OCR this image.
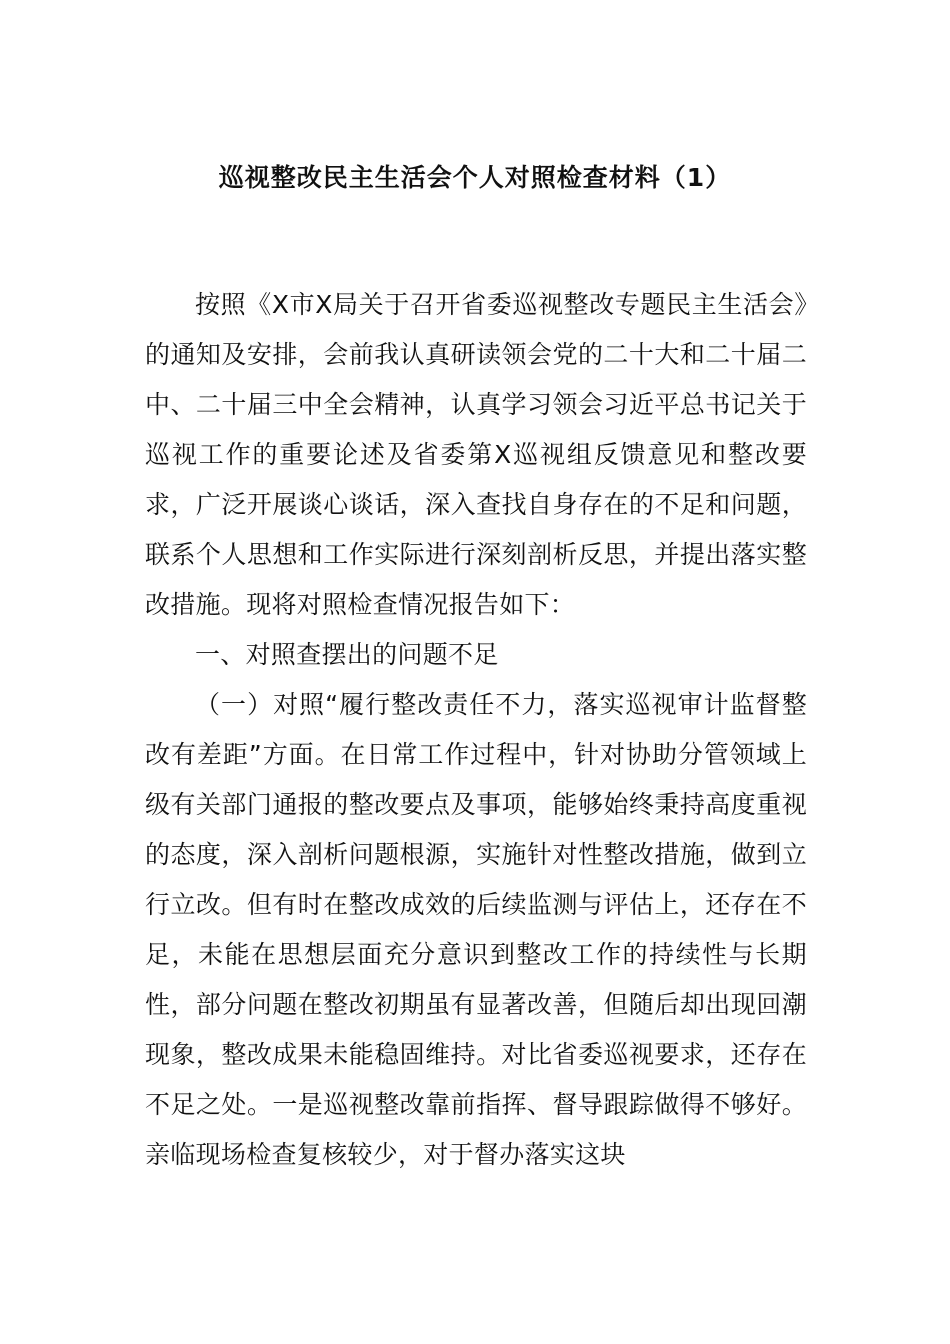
巡视整改民主生活会个人对照检查材料（1）

按照《X市X局关于召开省委巡视整改专题民主生活会》的通知及安排，会前我认真研读领会党的二十大和二十届二中、二十届三中全会精神，认真学习领会习近平总书记关于巡视工作的重要论述及省委第X巡视组反馈意见和整改要求，广泛开展谈心谈话，深入查找自身存在的不足和问题，联系个人思想和工作实际进行深刻剖析反思，并提出落实整改措施。现将对照检查情况报告如下：

一、对照查摆出的问题不足

（一）对照“履行整改责任不力，落实巡视审计监督整改有差距”方面。在日常工作过程中，针对协助分管领域上级有关部门通报的整改要点及事项，能够始终秉持高度重视的态度，深入剖析问题根源，实施针对性整改措施，做到立行立改。但有时在整改成效的后续监测与评估上，还存在不足，未能在思想层面充分意识到整改工作的持续性与长期性，部分问题在整改初期虽有显著改善，但随后却出现回潮现象，整改成果未能稳固维持。对比省委巡视要求，还存在不足之处。一是巡视整改靠前指挥、督导跟踪做得不够好。亲临现场检查复核较少，对于督办落实这块
